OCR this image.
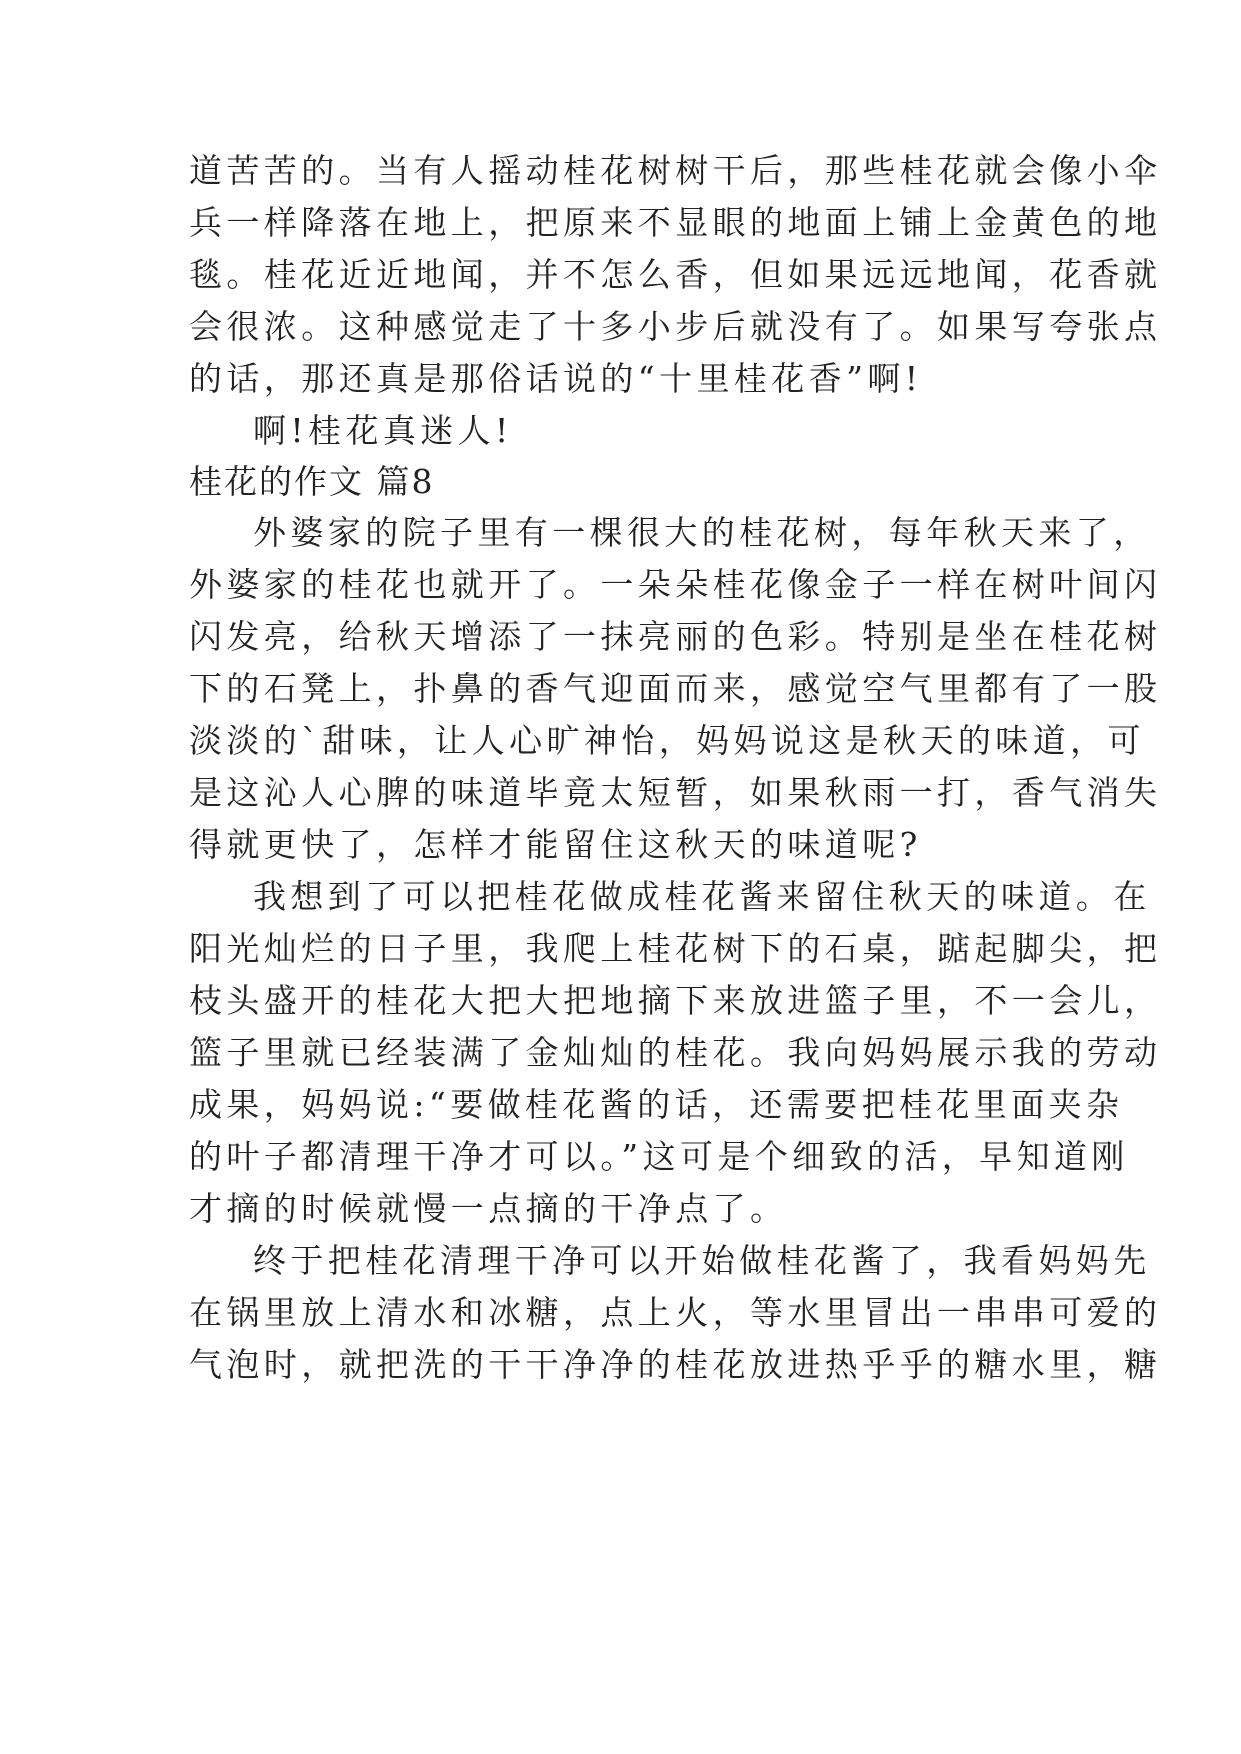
道苦苦的。当有人摇动桂花树树干后，那些桂花就会像小伞
兵一样降落在地上，把原来不显眼的地面上铺上金黄色的地
毯。桂花近近地闻，并不怎么香，但如果远远地闻，花香就
会很浓。这种感觉走了十多小步后就没有了。如果写夸张点
的话，那还真是那俗话说的“十里桂花香”啊!
啊!桂花真迷人!
桂花的作文 篇8
外婆家的院子里有一棵很大的桂花树，每年秋天来了，
外婆家的桂花也就开了。一朵朵桂花像金子一样在树叶间闪
闪发亮，给秋天增添了一抹亮丽的色彩。特别是坐在桂花树
下的石凳上，扑鼻的香气迎面而来，感觉空气里都有了一股
淡淡的`甜味，让人心旷神怡，妈妈说这是秋天的味道，可
是这沁人心脾的味道毕竟太短暂，如果秋雨一打，香气消失
得就更快了，怎样才能留住这秋天的味道呢?
我想到了可以把桂花做成桂花酱来留住秋天的味道。在
阳光灿烂的日子里，我爬上桂花树下的石桌，踮起脚尖，把
枝头盛开的桂花大把大把地摘下来放进篮子里，不一会儿，
篮子里就已经装满了金灿灿的桂花。我向妈妈展示我的劳动
成果，妈妈说:“要做桂花酱的话，还需要把桂花里面夹杂
的叶子都清理干净才可以。”这可是个细致的活，早知道刚
才摘的时候就慢一点摘的干净点了。
终于把桂花清理干净可以开始做桂花酱了，我看妈妈先
在锅里放上清水和冰糖，点上火，等水里冒出一串串可爱的
气泡时，就把洗的干干净净的桂花放进热乎乎的糖水里，糖
